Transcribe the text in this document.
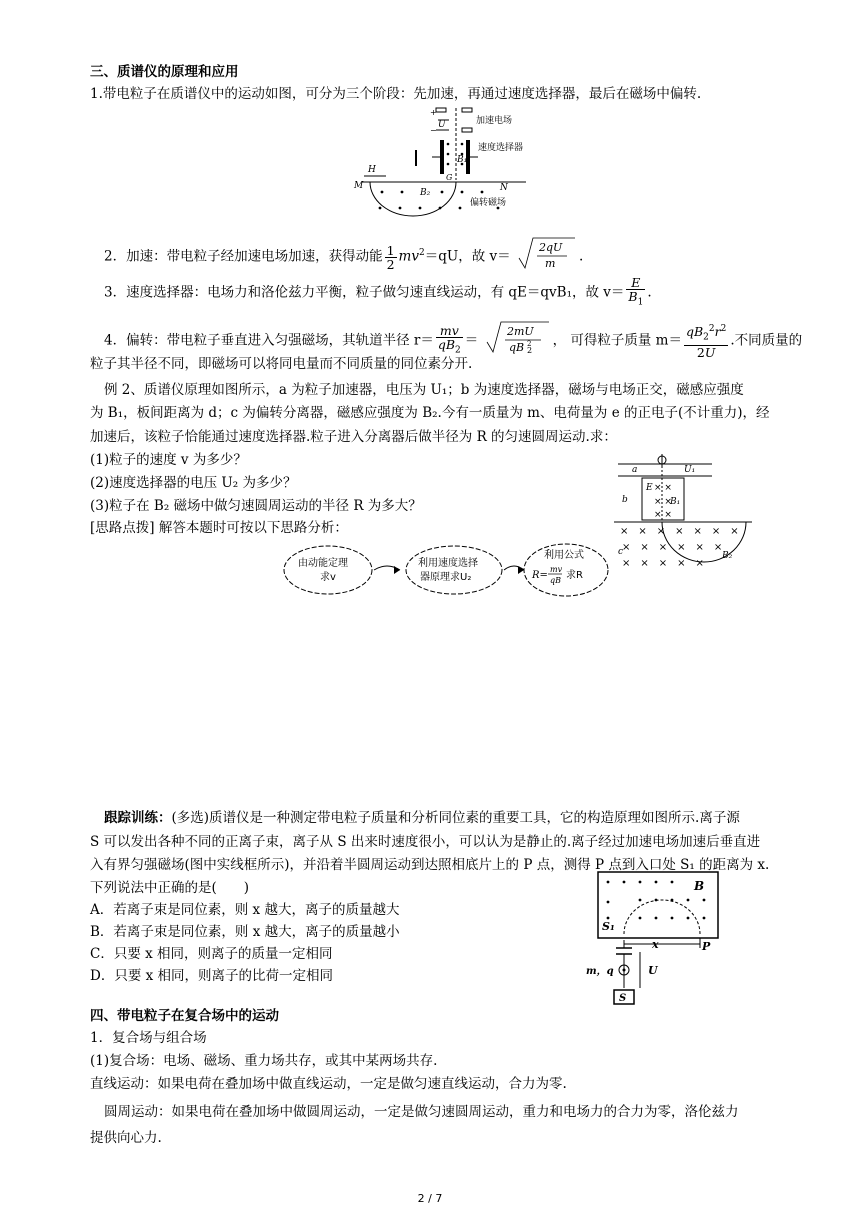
三、质谱仪的原理和应用
1.带电粒子在质谱仪中的运动如图，可分为三个阶段：先加速，再通过速度选择器，最后在磁场中偏转.
+
U
−
加速电场
速度选择器
B₁
G
H
M	N
B₂
偏转磁场
2．加速：带电粒子经加速电场加速，获得动能 $\frac{1}{2} mv^2=qU$，故 v＝
2qU
m .
3．速度选择器：电场力和洛伦兹力平衡，粒子做匀速直线运动，有 qE＝qvB₁，故 $v= \frac{E}{B_1}$ .
4．偏转：带电粒子垂直进入匀强磁场，其轨道半径 $r= \frac{mv}{qB_2}$ ＝
2mU
qB 2
2 ， 可得粒子质量 $m= \frac{qB_2^2r^2}{2U}$ .不同质量的
粒子其半径不同，即磁场可以将同电量而不同质量的同位素分开.
例 2、质谱仪原理如图所示，a 为粒子加速器，电压为 U₁；b 为速度选择器，磁场与电场正交，磁感应强度
为 B₁，板间距离为 d；c 为偏转分离器，磁感应强度为 B₂.今有一质量为 m、电荷量为 e 的正电子(不计重力)，经
加速后，该粒子恰能通过速度选择器.粒子进入分离器后做半径为 R 的匀速圆周运动.求：
(1)粒子的速度 v 为多少？
(2)速度选择器的电压 U₂ 为多少？
(3)粒子在 B₂ 磁场中做匀速圆周运动的半径 R 为多大？
[思路点拨] 解答本题时可按以下思路分析：
a	U₁
E × ×
× ×
B₁
× ×
b
×　×　×　×　×　×　×
×　×　×　×　×　×
×　×　×　×　×
c	B₂
由动能定理
求v
利用速度选择
器原理求U₂
利用公式
R=
mv
qB 求R
跟踪训练：(多选)质谱仪是一种测定带电粒子质量和分析同位素的重要工具，它的构造原理如图所示.离子源
S 可以发出各种不同的正离子束，离子从 S 出来时速度很小，可以认为是静止的.离子经过加速电场加速后垂直进
入有界匀强磁场(图中实线框所示)，并沿着半圆周运动到达照相底片上的 P 点，测得 P 点到入口处 S₁ 的距离为 x.
下列说法中正确的是(　　)
A．若离子束是同位素，则 x 越大，离子的质量越大
B．若离子束是同位素，则 x 越大，离子的质量越小
C．只要 x 相同，则离子的质量一定相同
D．只要 x 相同，则离子的比荷一定相同
B
S₁
x	P
m，q	U
S
四、带电粒子在复合场中的运动
1．复合场与组合场
(1)复合场：电场、磁场、重力场共存，或其中某两场共存.
直线运动：如果电荷在叠加场中做直线运动，一定是做匀速直线运动，合力为零.
圆周运动：如果电荷在叠加场中做圆周运动，一定是做匀速圆周运动，重力和电场力的合力为零，洛伦兹力
提供向心力.
2 / 7
